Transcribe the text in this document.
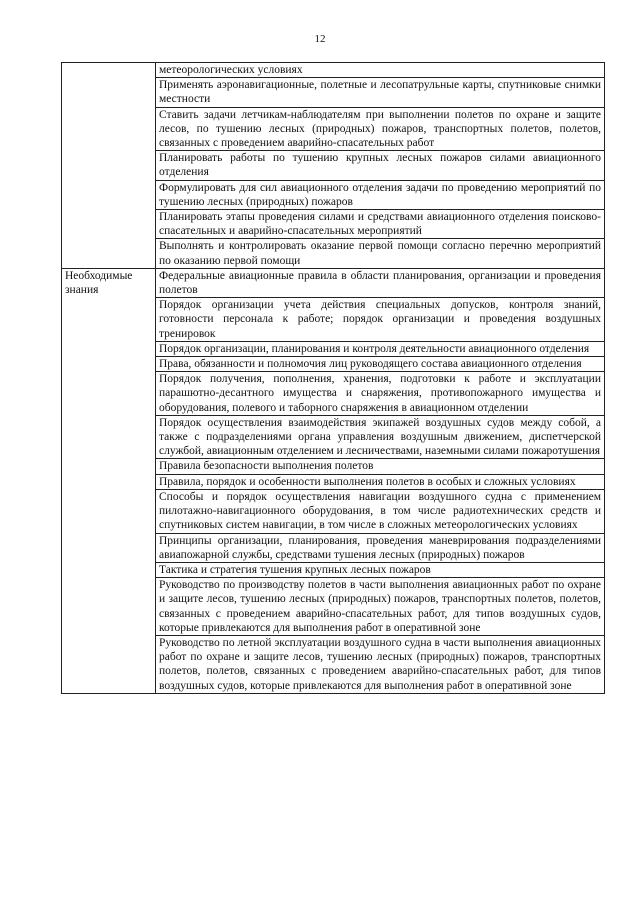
12
	метеорологических условиях
	Применять аэронавигационные, полетные и лесопатрульные карты, спутниковые снимки местности
	Ставить задачи летчикам-наблюдателям при выполнении полетов по охране и защите лесов, по тушению лесных (природных) пожаров, транспортных полетов, полетов, связанных с проведением аварийно-спасательных работ
	Планировать работы по тушению крупных лесных пожаров силами авиационного отделения
	Формулировать для сил авиационного отделения задачи по проведению мероприятий по тушению лесных (природных) пожаров
	Планировать этапы проведения силами и средствами авиационного отделения поисково-спасательных и аварийно-спасательных мероприятий
	Выполнять и контролировать оказание первой помощи согласно перечню мероприятий по оказанию первой помощи
Необходимые знания	Федеральные авиационные правила в области планирования, организации и проведения полетов
	Порядок организации учета действия специальных допусков, контроля знаний, готовности персонала к работе; порядок организации и проведения воздушных тренировок
	Порядок организации, планирования и контроля деятельности авиационного отделения
	Права, обязанности и полномочия лиц руководящего состава авиационного отделения
	Порядок получения, пополнения, хранения, подготовки к работе и эксплуатации парашютно-десантного имущества и снаряжения, противопожарного имущества и оборудования, полевого и таборного снаряжения в авиационном отделении
	Порядок осуществления взаимодействия экипажей воздушных судов между собой, а также с подразделениями органа управления воздушным движением, диспетчерской службой, авиационным отделением и лесничествами, наземными силами пожаротушения
	Правила безопасности выполнения полетов
	Правила, порядок и особенности выполнения полетов в особых и сложных условиях
	Способы и порядок осуществления навигации воздушного судна с применением пилотажно-навигационного оборудования, в том числе радиотехнических средств и спутниковых систем навигации, в том числе в сложных метеорологических условиях
	Принципы организации, планирования, проведения маневрирования подразделениями авиапожарной службы, средствами тушения лесных (природных) пожаров
	Тактика и стратегия тушения крупных лесных пожаров
	Руководство по производству полетов в части выполнения авиационных работ по охране и защите лесов, тушению лесных (природных) пожаров, транспортных полетов, полетов, связанных с проведением аварийно-спасательных работ, для типов воздушных судов, которые привлекаются для выполнения работ в оперативной зоне
	Руководство по летной эксплуатации воздушного судна в части выполнения авиационных работ по охране и защите лесов, тушению лесных (природных) пожаров, транспортных полетов, полетов, связанных с проведением аварийно-спасательных работ, для типов воздушных судов, которые привлекаются для выполнения работ в оперативной зоне
